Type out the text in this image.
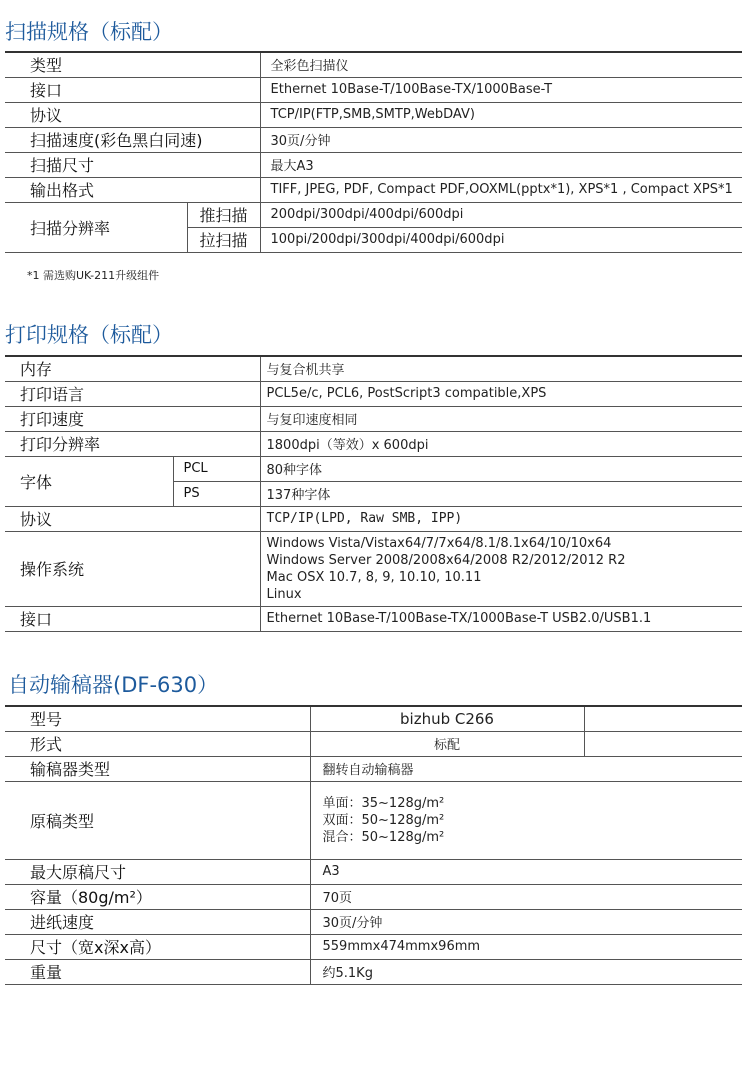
扫描规格（标配）
类型		全彩色扫描仪
接口		Ethernet 10Base-T/100Base-TX/1000Base-T
协议		TCP/IP(FTP,SMB,SMTP,WebDAV)
扫描速度(彩色黑白同速)		30页/分钟
扫描尺寸		最大A3
输出格式		TIFF, JPEG, PDF, Compact PDF,OOXML(pptx*1), XPS*1 , Compact XPS*1
扫描分辨率	推扫描	200dpi/300dpi/400dpi/600dpi
	拉扫描	100pi/200dpi/300dpi/400dpi/600dpi
*1 需选购UK-211升级组件
打印规格（标配）
内存		与复合机共享
打印语言		PCL5e/c, PCL6, PostScript3 compatible,XPS
打印速度		与复印速度相同
打印分辨率		1800dpi（等效）x 600dpi
字体	PCL	80种字体
	PS	137种字体
协议		TCP/IP(LPD, Raw SMB, IPP)
操作系统		Windows Vista/Vistax64/7/7x64/8.1/8.1x64/10/10x64
Windows Server 2008/2008x64/2008 R2/2012/2012 R2
Mac OSX 10.7, 8, 9, 10.10, 10.11
Linux

接口		Ethernet 10Base-T/100Base-TX/1000Base-T USB2.0/USB1.1
自动输稿器(DF-630）
型号	bizhub C266	
形式	标配	
输稿器类型	翻转自动输稿器	
原稿类型	单面：35~128g/m²
双面：50~128g/m²
混合：50~128g/m²	

最大原稿尺寸	A3	
容量（80g/m²）	70页	
进纸速度	30页/分钟	
尺寸（宽x深x高）	559mmx474mmx96mm	
重量	约5.1Kg	
